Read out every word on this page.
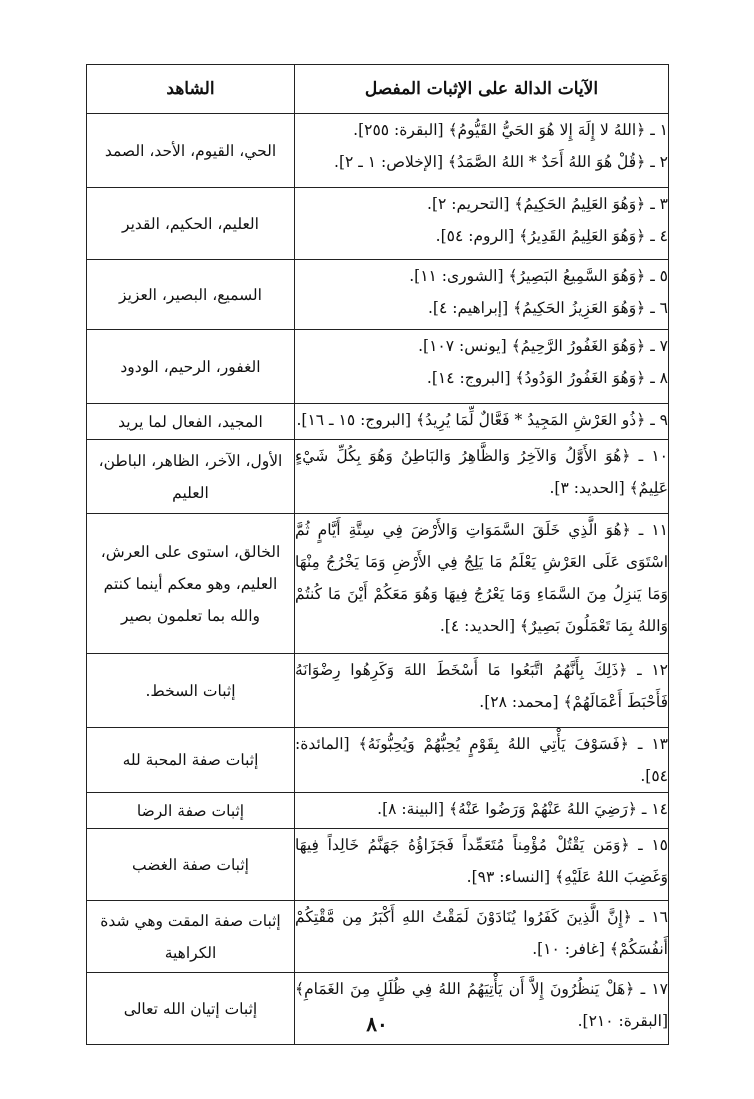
الآيات الدالة على الإثبات المفصل	الشاهد

١ ـ ﴿اللهُ لا إِلَهَ إِلا هُوَ الحَيُّ القَيُّومُ﴾ [البقرة: ٢٥٥].
٢ ـ ﴿قُلْ هُوَ اللهُ أَحَدٌ * اللهُ الصَّمَدُ﴾ [الإخلاص: ١ ـ ٢].	الحي، القيوم، الأحد، الصمد

٣ ـ ﴿وَهُوَ العَلِيمُ الحَكِيمُ﴾ [التحريم: ٢].
٤ ـ ﴿وَهُوَ العَلِيمُ القَدِيرُ﴾ [الروم: ٥٤].	العليم، الحكيم، القدير

٥ ـ ﴿وَهُوَ السَّمِيعُ البَصِيرُ﴾ [الشورى: ١١].
٦ ـ ﴿وَهُوَ العَزِيزُ الحَكِيمُ﴾ [إبراهيم: ٤].	السميع، البصير، العزيز

٧ ـ ﴿وَهُوَ الغَفُورُ الرَّحِيمُ﴾ [يونس: ١٠٧].
٨ ـ ﴿وَهُوَ الغَفُورُ الوَدُودُ﴾ [البروج: ١٤].	الغفور، الرحيم، الودود

٩ ـ ﴿ذُو العَرْشِ المَجِيدُ * فَعَّالٌ لِّمَا يُرِيدُ﴾ [البروج: ١٥ ـ ١٦].	المجيد، الفعال لما يريد

١٠ ـ ﴿هُوَ الأَوَّلُ وَالآخِرُ وَالظَّاهِرُ وَالبَاطِنُ وَهُوَ بِكُلِّ شَيْءٍ عَلِيمٌ﴾ [الحديد: ٣].	الأول، الآخر، الظاهر، الباطن، العليم

١١ ـ ﴿هُوَ الَّذِي خَلَقَ السَّمَوَاتِ وَالأَرْضَ فِي سِتَّةِ أَيَّامٍ ثُمَّ اسْتَوَى عَلَى العَرْشِ يَعْلَمُ مَا يَلِجُ فِي الأَرْضِ وَمَا يَخْرُجُ مِنْهَا وَمَا يَنزِلُ مِنَ السَّمَاءِ وَمَا يَعْرُجُ فِيهَا وَهُوَ مَعَكُمْ أَيْنَ مَا كُنتُمْ وَاللهُ بِمَا تَعْمَلُونَ بَصِيرٌ﴾ [الحديد: ٤].	الخالق، استوى على العرش، العليم، وهو معكم أينما كنتم والله بما تعلمون بصير

١٢ ـ ﴿ذَلِكَ بِأَنَّهُمُ اتَّبَعُوا مَا أَسْخَطَ اللهَ وَكَرِهُوا رِضْوَانَهُ فَأَحْبَطَ أَعْمَالَهُمْ﴾ [محمد: ٢٨].	إثبات السخط.

١٣ ـ ﴿فَسَوْفَ يَأْتِي اللهُ بِقَوْمٍ يُحِبُّهُمْ وَيُحِبُّونَهُ﴾ [المائدة: ٥٤].	إثبات صفة المحبة لله

١٤ ـ ﴿رَضِيَ اللهُ عَنْهُمْ وَرَضُوا عَنْهُ﴾ [البينة: ٨].	إثبات صفة الرضا

١٥ ـ ﴿وَمَن يَقْتُلْ مُؤْمِناً مُتَعَمِّداً فَجَزَاؤُهُ جَهَنَّمُ خَالِداً فِيهَا وَغَضِبَ اللهُ عَلَيْهِ﴾ [النساء: ٩٣].	إثبات صفة الغضب

١٦ ـ ﴿إِنَّ الَّذِينَ كَفَرُوا يُنَادَوْنَ لَمَقْتُ اللهِ أَكْبَرُ مِن مَّقْتِكُمْ أَنفُسَكُمْ﴾ [غافر: ١٠].	إثبات صفة المقت وهي شدة الكراهية

١٧ ـ ﴿هَلْ يَنظُرُونَ إِلاَّ أَن يَأْتِيَهُمُ اللهُ فِي ظُلَلٍ مِنَ الغَمَامِ﴾ [البقرة: ٢١٠].	إثبات إتيان الله تعالى
٨٠
